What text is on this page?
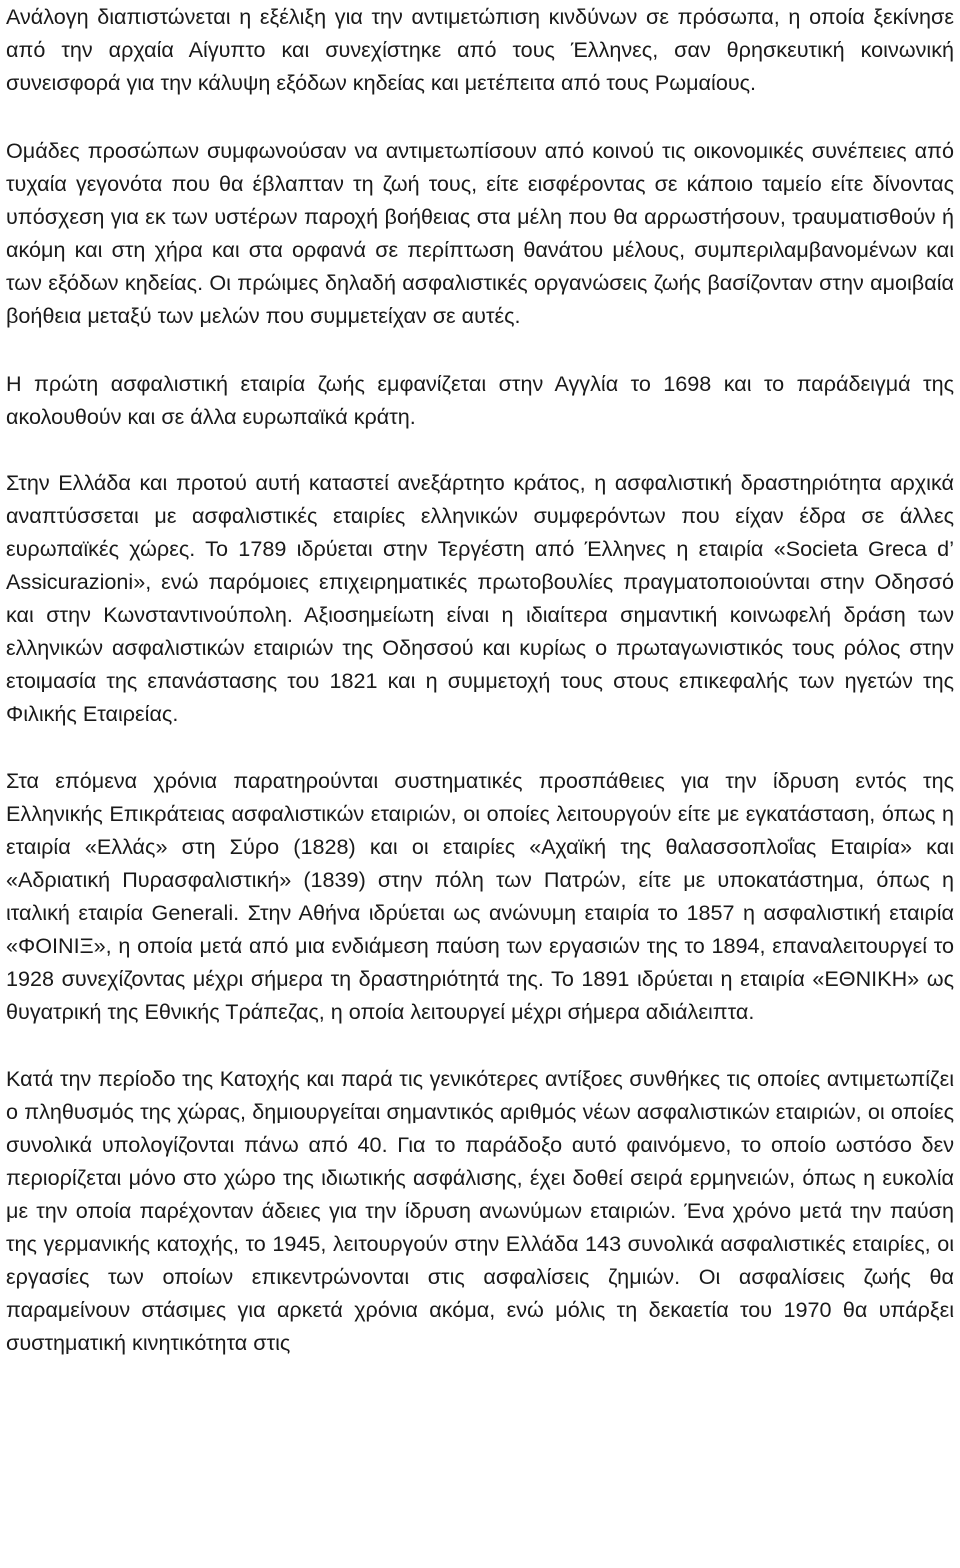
Ανάλογη διαπιστώνεται η εξέλιξη για την αντιμετώπιση κινδύνων σε πρόσωπα, η οποία ξεκίνησε από την αρχαία Αίγυπτο και συνεχίστηκε από τους Έλληνες, σαν θρησκευτική κοινωνική συνεισφορά για την κάλυψη εξόδων κηδείας και μετέπειτα από τους Ρωμαίους.

Ομάδες προσώπων συμφωνούσαν να αντιμετωπίσουν από κοινού τις οικονομικές συνέπειες από τυχαία γεγονότα που θα έβλαπταν τη ζωή τους, είτε εισφέροντας σε κάποιο ταμείο είτε δίνοντας υπόσχεση για εκ των υστέρων παροχή βοήθειας στα μέλη που θα αρρωστήσουν, τραυματισθούν ή ακόμη και στη χήρα και στα ορφανά σε περίπτωση θανάτου μέλους, συμπεριλαμβανομένων και των εξόδων κηδείας. Οι πρώιμες δηλαδή ασφαλιστικές οργανώσεις ζωής βασίζονταν στην αμοιβαία βοήθεια μεταξύ των μελών που συμμετείχαν σε αυτές.

Η πρώτη ασφαλιστική εταιρία ζωής εμφανίζεται στην Αγγλία το 1698 και το παράδειγμά της ακολουθούν και σε άλλα ευρωπαϊκά κράτη.

Στην Ελλάδα και προτού αυτή καταστεί ανεξάρτητο κράτος, η ασφαλιστική δραστηριότητα αρχικά αναπτύσσεται με ασφαλιστικές εταιρίες ελληνικών συμφερόντων που είχαν έδρα σε άλλες ευρωπαϊκές χώρες. Το 1789 ιδρύεται στην Τεργέστη από Έλληνες η εταιρία «Societa Greca d’ Assicurazioni», ενώ παρόμοιες επιχειρηματικές πρωτοβουλίες πραγματοποιούνται στην Οδησσό και στην Κωνσταντινούπολη. Αξιοσημείωτη είναι η ιδιαίτερα σημαντική κοινωφελή δράση των ελληνικών ασφαλιστικών εταιριών της Οδησσού και κυρίως ο πρωταγωνιστικός τους ρόλος στην ετοιμασία της επανάστασης του 1821 και η συμμετοχή τους στους επικεφαλής των ηγετών της Φιλικής Εταιρείας.

Στα επόμενα χρόνια παρατηρούνται συστηματικές προσπάθειες για την ίδρυση εντός της Ελληνικής Επικράτειας ασφαλιστικών εταιριών, οι οποίες λειτουργούν είτε με εγκατάσταση, όπως η εταιρία «Ελλάς» στη Σύρο (1828) και οι εταιρίες «Αχαϊκή της θαλασσοπλοΐας Εταιρία» και «Αδριατική Πυρασφαλιστική» (1839) στην πόλη των Πατρών, είτε με υποκατάστημα, όπως η ιταλική εταιρία Generali. Στην Αθήνα ιδρύεται ως ανώνυμη εταιρία το 1857 η ασφαλιστική εταιρία «ΦΟΙΝΙΞ», η οποία μετά από μια ενδιάμεση παύση των εργασιών της το 1894, επαναλειτουργεί το 1928 συνεχίζοντας μέχρι σήμερα τη δραστηριότητά της. Το 1891 ιδρύεται η εταιρία «ΕΘΝΙΚΗ» ως θυγατρική της Εθνικής Τράπεζας, η οποία λειτουργεί μέχρι σήμερα αδιάλειπτα.

Κατά την περίοδο της Κατοχής και παρά τις γενικότερες αντίξοες συνθήκες τις οποίες αντιμετωπίζει ο πληθυσμός της χώρας, δημιουργείται σημαντικός αριθμός νέων ασφαλιστικών εταιριών, οι οποίες συνολικά υπολογίζονται πάνω από 40. Για το παράδοξο αυτό φαινόμενο, το οποίο ωστόσο δεν περιορίζεται μόνο στο χώρο της ιδιωτικής ασφάλισης, έχει δοθεί σειρά ερμηνειών, όπως η ευκολία με την οποία παρέχονταν άδειες για την ίδρυση ανωνύμων εταιριών. Ένα χρόνο μετά την παύση της γερμανικής κατοχής, το 1945, λειτουργούν στην Ελλάδα 143 συνολικά ασφαλιστικές εταιρίες, οι εργασίες των οποίων επικεντρώνονται στις ασφαλίσεις ζημιών. Οι ασφαλίσεις ζωής θα παραμείνουν στάσιμες για αρκετά χρόνια ακόμα, ενώ μόλις τη δεκαετία του 1970 θα υπάρξει συστηματική κινητικότητα στις
